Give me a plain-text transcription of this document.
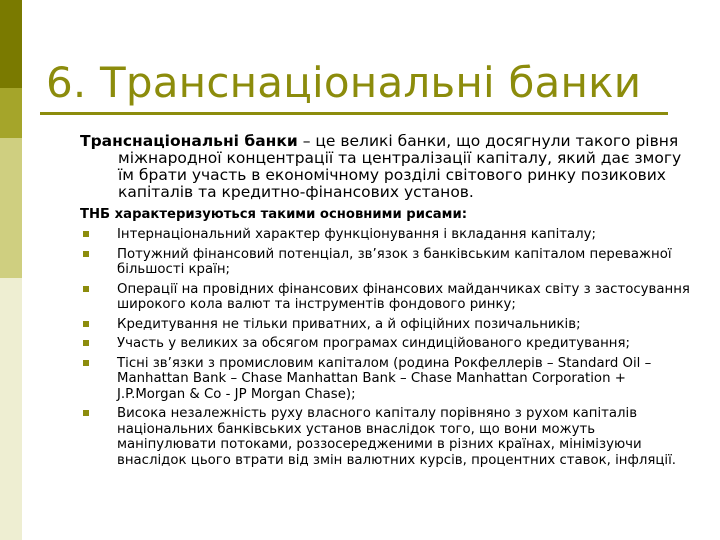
6. Транснаціональні банки

Транснаціональні банки – це великі банки, що досягнули такого рівня міжнародної концентрації та централізації капіталу, який дає змогу їм брати участь в економічному розділі світового ринку позикових капіталів та кредитно-фінансових установ.

ТНБ характеризуються такими основними рисами:
Інтернаціональний характер функціонування і вкладання капіталу;
Потужний фінансовий потенціал, зв’язок з банківським капіталом переважної більшості країн;
Операції на провідних фінансових фінансових майданчиках світу з застосування широкого кола валют та інструментів фондового ринку;
Кредитування не тільки приватних, а й офіційних позичальників;
Участь у великих за обсягом програмах синдиційованого кредитування;
Тісні зв’язки з промисловим капіталом (родина Рокфеллерів – Standard Oil – Manhattan Bank – Chase Manhattan Bank – Chase Manhattan Corporation + J.P.Morgan & Co - JP Morgan Chase);
Висока незалежність руху власного капіталу порівняно з рухом капіталів національних банківських установ внаслідок того, що вони можуть маніпулювати потоками, роззосередженими в різних країнах, мінімізуючи внаслідок цього втрати від змін валютних курсів, процентних ставок, інфляції.
